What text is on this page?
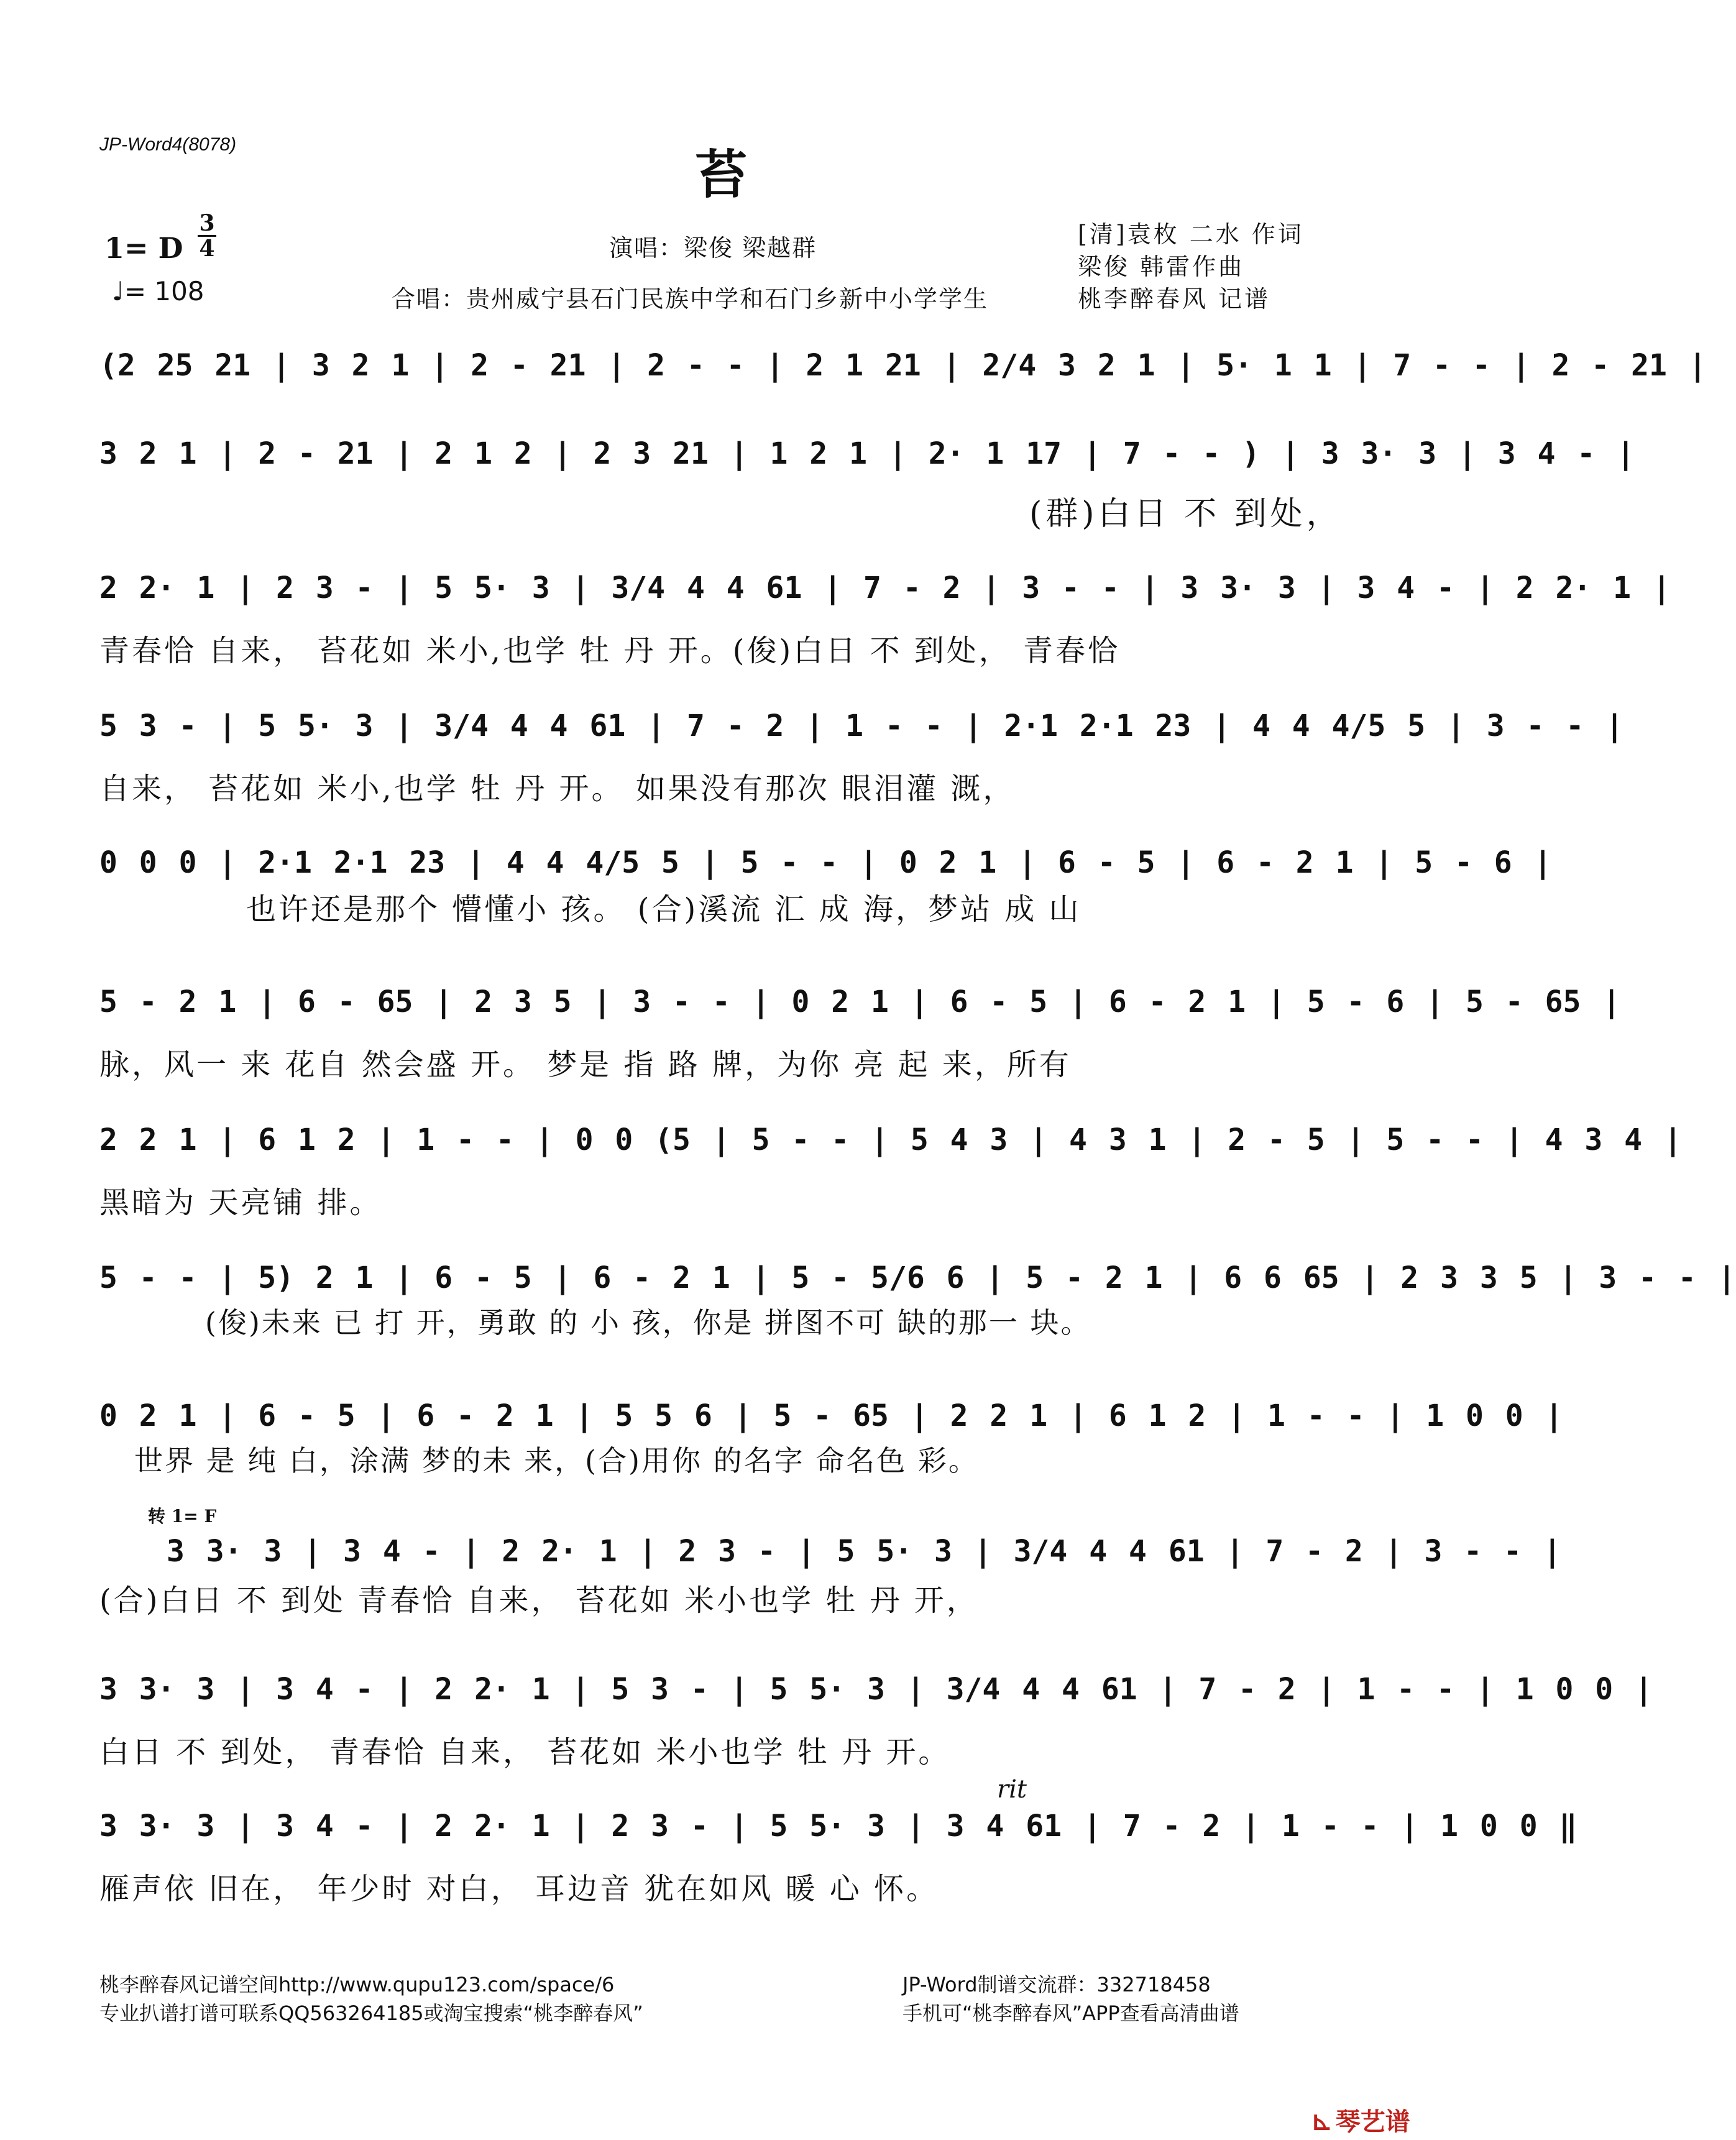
JP-Word4(8078)	苔
1= D
3
4
♩= 108
演唱：梁俊 梁越群
合唱：贵州威宁县石门民族中学和石门乡新中小学学生
[清]袁枚 二水 作词
梁俊 韩雷作曲
桃李醉春风 记谱
(2 25 21 | 3 2 1 | 2 - 21 | 2 - - | 2 1 21 | 2/4 3 2 1 | 5· 1 1 | 7 - - | 2 - 21 |
3 2 1 | 2 - 21 | 2 1 2 | 2 3 21 | 1 2 1 | 2· 1 17 | 7 - - ) | 3 3· 3 | 3 4 - |
(群)白日 不 到处，
2 2· 1 | 2 3 - | 5 5· 3 | 3/4 4 4 61 | 7 - 2 | 3 - - | 3 3· 3 | 3 4 - | 2 2· 1 |
青春恰 自来， 苔花如 米小,也学 牡 丹 开。(俊)白日 不 到处， 青春恰
5 3 - | 5 5· 3 | 3/4 4 4 61 | 7 - 2 | 1 - - | 2·1 2·1 23 | 4 4 4/5 5 | 3 - - |
自来， 苔花如 米小,也学 牡 丹 开。 如果没有那次 眼泪灌 溉，
0 0 0 | 2·1 2·1 23 | 4 4 4/5 5 | 5 - - | 0 2 1 | 6 - 5 | 6 - 2 1 | 5 - 6 |
也许还是那个 懵懂小 孩。 (合)溪流 汇 成 海，梦站 成 山
5 - 2 1 | 6 - 65 | 2 3 5 | 3 - - | 0 2 1 | 6 - 5 | 6 - 2 1 | 5 - 6 | 5 - 65 |
脉，风一 来 花自 然会盛 开。 梦是 指 路 牌，为你 亮 起 来，所有
2 2 1 | 6 1 2 | 1 - - | 0 0 (5 | 5 - - | 5 4 3 | 4 3 1 | 2 - 5 | 5 - - | 4 3 4 |
黑暗为 天亮铺 排。
5 - - | 5) 2 1 | 6 - 5 | 6 - 2 1 | 5 - 5/6 6 | 5 - 2 1 | 6 6 65 | 2 3 3 5 | 3 - - |
(俊)未来 已 打 开，勇敢 的 小 孩，你是 拼图不可 缺的那一 块。
0 2 1 | 6 - 5 | 6 - 2 1 | 5 5 6 | 5 - 65 | 2 2 1 | 6 1 2 | 1 - - | 1 0 0 |
世界 是 纯 白，涂满 梦的未 来，(合)用你 的名字 命名色 彩。
转 1= F
3 3· 3 | 3 4 - | 2 2· 1 | 2 3 - | 5 5· 3 | 3/4 4 4 61 | 7 - 2 | 3 - - |
(合)白日 不 到处 青春恰 自来， 苔花如 米小也学 牡 丹 开，
3 3· 3 | 3 4 - | 2 2· 1 | 5 3 - | 5 5· 3 | 3/4 4 4 61 | 7 - 2 | 1 - - | 1 0 0 |
白日 不 到处， 青春恰 自来， 苔花如 米小也学 牡 丹 开。
rit
3 3· 3 | 3 4 - | 2 2· 1 | 2 3 - | 5 5· 3 | 3 4 61 | 7 - 2 | 1 - - | 1 0 0 ‖
雁声依 旧在， 年少时 对白， 耳边音 犹在如风 暖 心 怀。
桃李醉春风记谱空间http://www.qupu123.com/space/6
专业扒谱打谱可联系QQ563264185或淘宝搜索“桃李醉春风”
JP-Word制谱交流群：332718458
手机可“桃李醉春风”APP查看高清曲谱
⊾ 琴艺谱
